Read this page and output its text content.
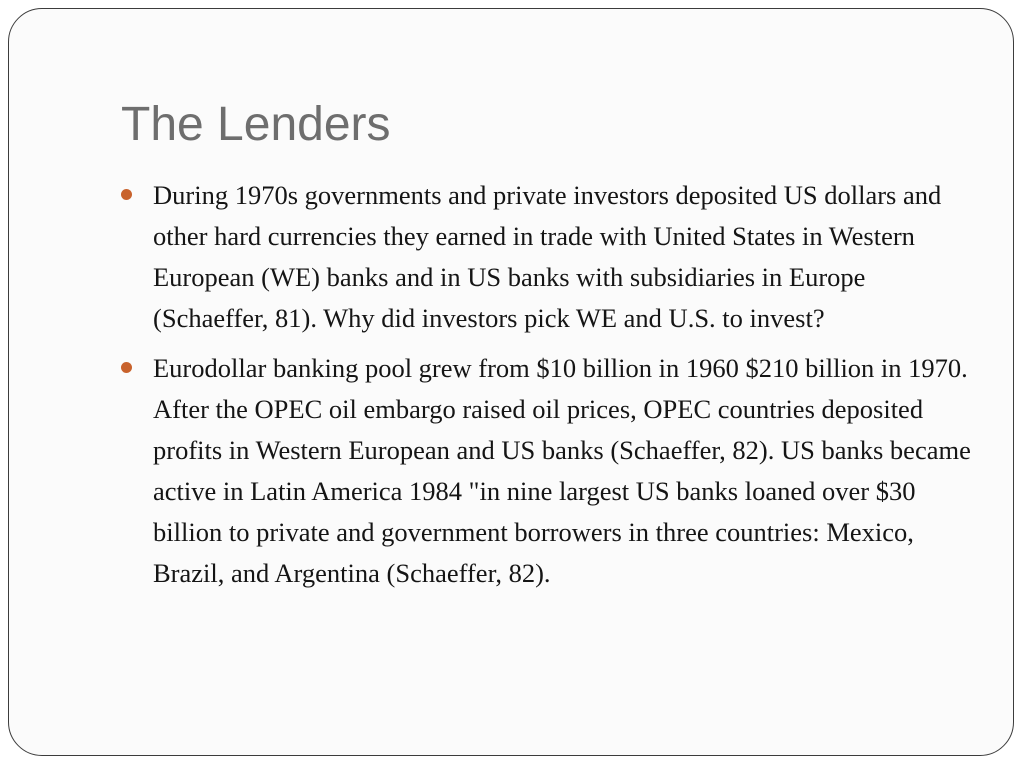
The Lenders
During 1970s governments and private investors deposited US dollars and other hard currencies they earned in trade with United States in Western European (WE) banks and in US banks with subsidiaries in Europe (Schaeffer, 81). Why did investors pick WE and U.S. to invest?
Eurodollar banking pool grew from $10 billion in 1960 $210 billion in 1970. After the OPEC oil embargo raised oil prices, OPEC countries deposited profits in Western European and US banks (Schaeffer, 82). US banks became active in Latin America 1984 "in nine largest US banks loaned over $30 billion to private and government borrowers in three countries: Mexico, Brazil, and Argentina (Schaeffer, 82).
